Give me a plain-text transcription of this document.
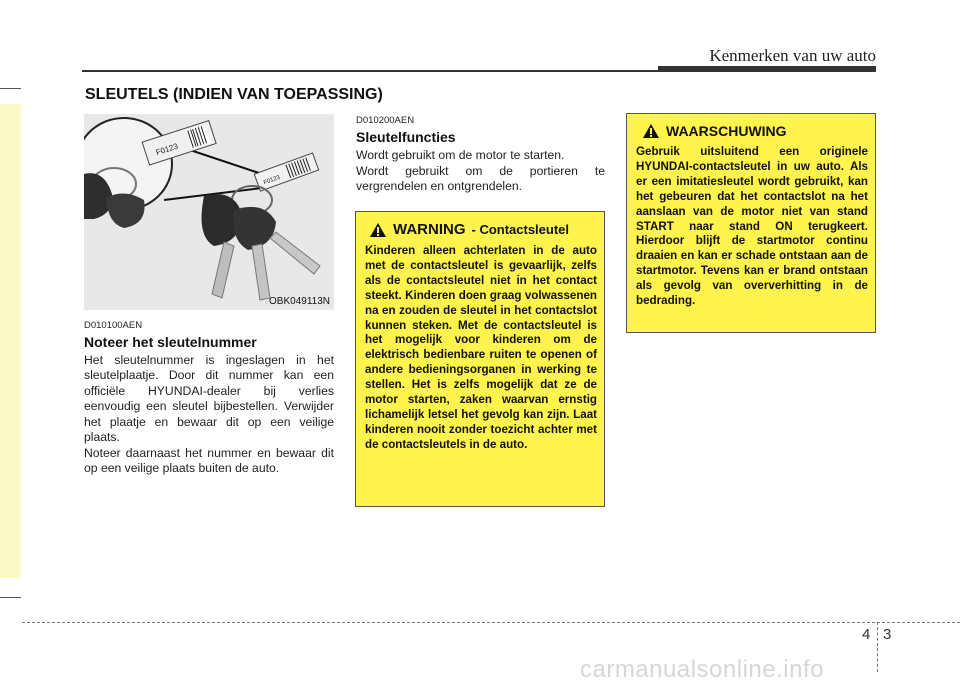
Kenmerken van uw auto
SLEUTELS (INDIEN VAN TOEPASSING)
F0123
F0123
OBK049113N
D010100AEN
Noteer het sleutelnummer

Het sleutelnummer is ingeslagen in het sleutelplaatje. Door dit nummer kan een officiële HYUNDAI-dealer bij verlies eenvoudig een sleutel bijbestellen. Verwijder het plaatje en bewaar dit op een veilige plaats.

Noteer daarnaast het nummer en bewaar dit op een veilige plaats buiten de auto.

D010200AEN
Sleutelfuncties

Wordt gebruikt om de motor te starten.

Wordt gebruikt om de portieren te vergrendelen en ontgrendelen.

WARNING - Contactsleutel

Kinderen alleen achterlaten in de auto met de contactsleutel is gevaarlijk, zelfs als de contactsleutel niet in het contact steekt. Kinderen doen graag volwassenen na en zouden de sleutel in het contactslot kunnen steken. Met de contactsleutel is het mogelijk voor kinderen om de elektrisch bedienbare ruiten te openen of andere bedieningsorganen in werking te stellen. Het is zelfs mogelijk dat ze de motor starten, zaken waarvan ernstig lichamelijk letsel het gevolg kan zijn. Laat kinderen nooit zonder toezicht achter met de contactsleutels in de auto.

WAARSCHUWING

Gebruik uitsluitend een originele HYUNDAI-contactsleutel in uw auto. Als er een imitatiesleutel wordt gebruikt, kan het gebeuren dat het contactslot na het aanslaan van de motor niet van stand START naar stand ON terugkeert. Hierdoor blijft de startmotor continu draaien en kan er schade ontstaan aan de startmotor. Tevens kan er brand ontstaan als gevolg van oververhitting in de bedrading.

4 3
carmanualsonline.info
